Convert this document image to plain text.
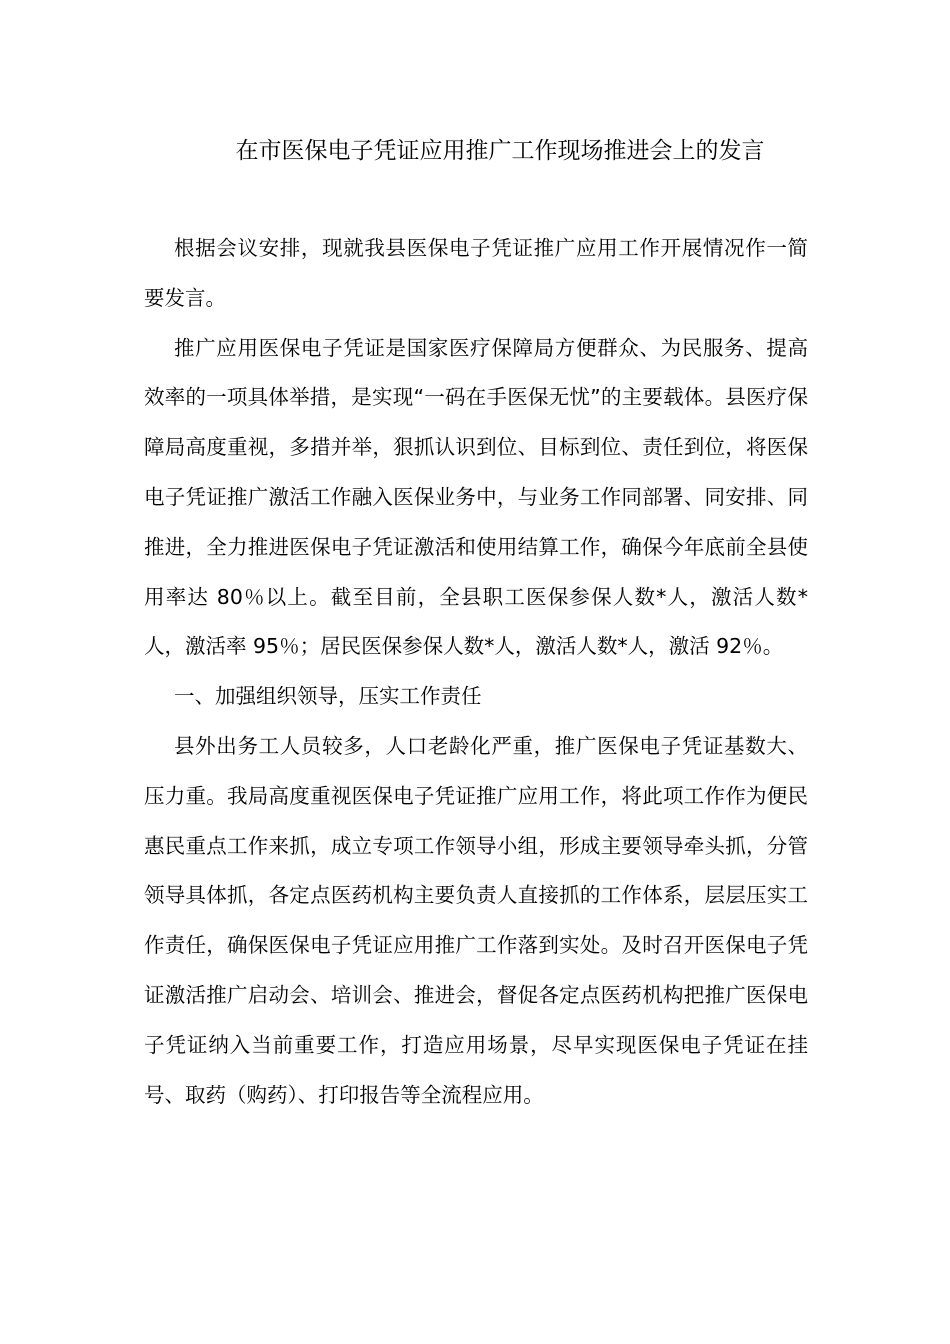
在市医保电子凭证应用推广工作现场推进会上的发言

根据会议安排，现就我县医保电子凭证推广应用工作开展情况作一简要发言。

推广应用医保电子凭证是国家医疗保障局方便群众、为民服务、提高效率的一项具体举措，是实现“一码在手医保无忧”的主要载体。县医疗保障局高度重视，多措并举，狠抓认识到位、目标到位、责任到位，将医保电子凭证推广激活工作融入医保业务中，与业务工作同部署、同安排、同推进，全力推进医保电子凭证激活和使用结算工作，确保今年底前全县使用率达 80％以上。截至目前，全县职工医保参保人数*人，激活人数*人，激活率 95％；居民医保参保人数*人，激活人数*人，激活 92％。

一、加强组织领导，压实工作责任

县外出务工人员较多，人口老龄化严重，推广医保电子凭证基数大、压力重。我局高度重视医保电子凭证推广应用工作，将此项工作作为便民惠民重点工作来抓，成立专项工作领导小组，形成主要领导牵头抓，分管领导具体抓，各定点医药机构主要负责人直接抓的工作体系，层层压实工作责任，确保医保电子凭证应用推广工作落到实处。及时召开医保电子凭证激活推广启动会、培训会、推进会，督促各定点医药机构把推广医保电子凭证纳入当前重要工作，打造应用场景，尽早实现医保电子凭证在挂号、取药（购药）、打印报告等全流程应用。
